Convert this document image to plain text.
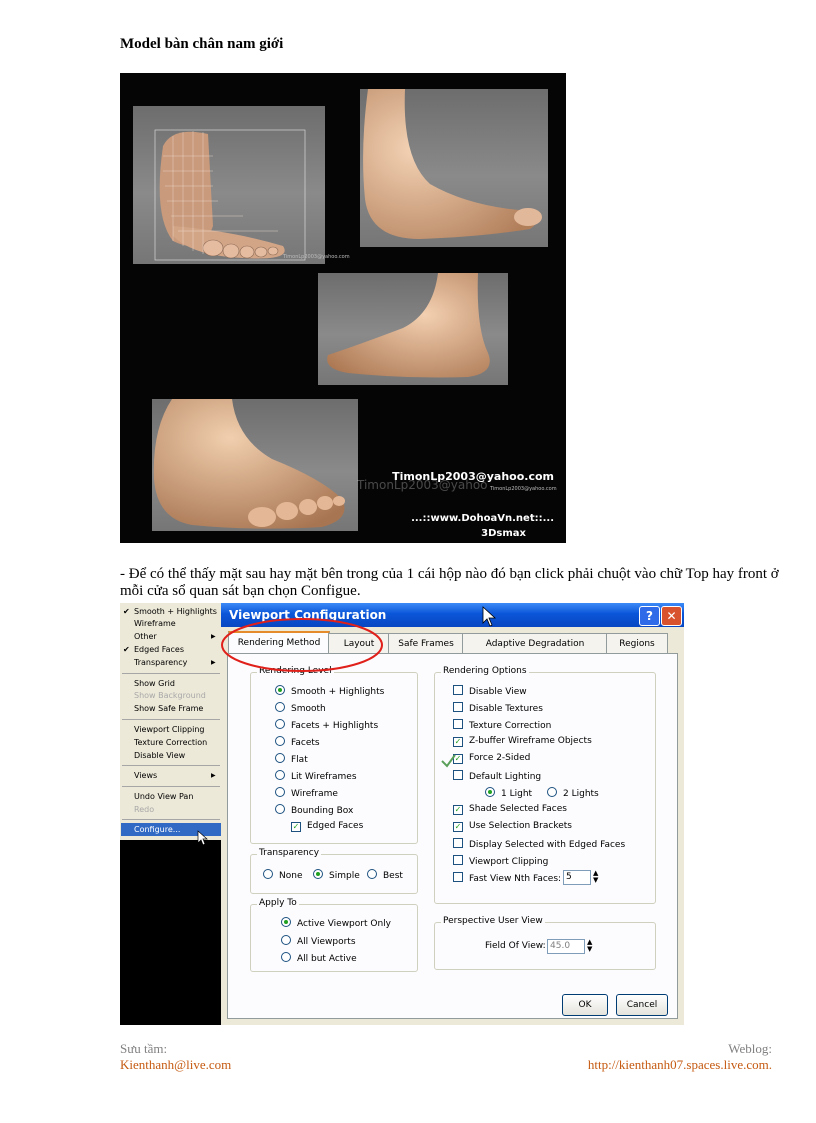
Model bàn chân nam giới
TimonLp2003@yahoo.com
TimonLp2003@yahoo
TimonLp2003@yahoo.com
TimonLp2003@yahoo.com
...::www.DohoaVn.net::...
3Dsmax
- Để có thể thấy mặt sau hay mặt bên trong của 1 cái hộp nào đó bạn click phải chuột vào chữ Top hay front ở mỗi cửa sổ quan sát bạn chọn Configue.
✔ Smooth + Highlights
Wireframe
Other	▶
✔ Edged Faces
Transparency	▶
Show Grid
Show Background
Show Safe Frame
Viewport Clipping
Texture Correction
Disable View
Views	▶
Undo View Pan
Redo
Configure...
Viewport Configuration	?	✕
Rendering Method	Layout	Safe Frames	Adaptive Degradation	Regions
Rendering Level
Smooth + Highlights
Smooth
Facets + Highlights
Facets
Flat
Lit Wireframes
Wireframe
Bounding Box
✓ Edged Faces
Transparency
None	Simple	Best
Apply To
Active Viewport Only
All Viewports
All but Active
Rendering Options
Disable View
Disable Textures
Texture Correction
✓ Z-buffer Wireframe Objects
✓ Force 2-Sided
Default Lighting
1 Light	2 Lights
✓ Shade Selected Faces
✓ Use Selection Brackets
Display Selected with Edged Faces
Viewport Clipping
Fast View Nth Faces: 5	▲
▼
Perspective User View
Field Of View: 45.0	▲
▼
OK	Cancel
Sưu tầm:
Kienthanh@live.com
Weblog:
http://kienthanh07.spaces.live.com.
